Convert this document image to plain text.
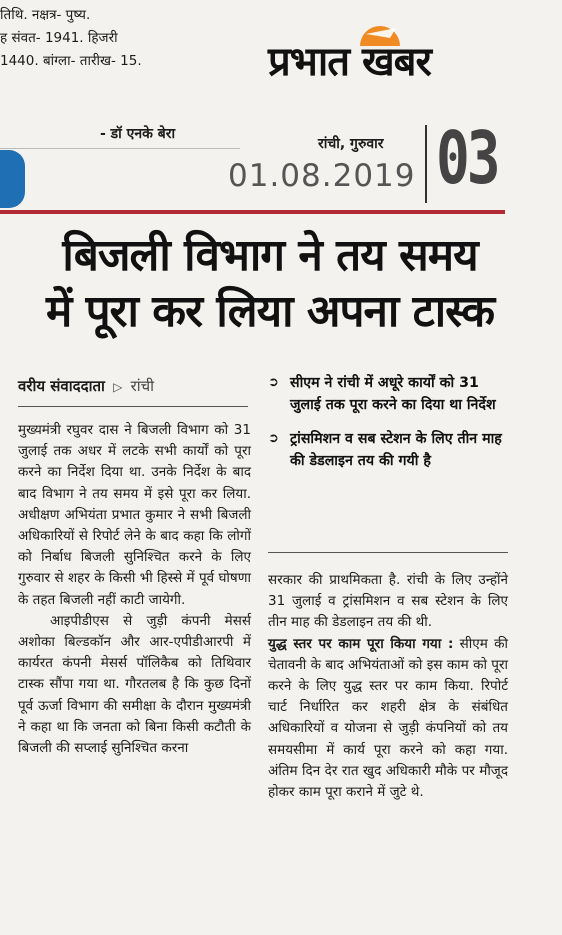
तिथि. नक्षत्र- पुष्य.
ह संवत- 1941. हिजरी
1440. बांग्ला- तारीख- 15.	प्रभात खबर
- डॉ एनके बेरा
रांची, गुरुवार
01.08.2019 03
बिजली विभाग ने तय समय
में पूरा कर लिया अपना टास्क
वरीय संवाददाता ▷ रांची

मुख्यमंत्री रघुवर दास ने बिजली विभाग को 31 जुलाई तक अधर में लटके सभी कार्यों को पूरा करने का निर्देश दिया था. उनके निर्देश के बाद बाद विभाग ने तय समय में इसे पूरा कर लिया. अधीक्षण अभियंता प्रभात कुमार ने सभी बिजली अधिकारियों से रिपोर्ट लेने के बाद कहा कि लोगों को निर्बाध बिजली सुनिश्चित करने के लिए गुरुवार से शहर के किसी भी हिस्से में पूर्व घोषणा के तहत बिजली नहीं काटी जायेगी.

आइपीडीएस से जुड़ी कंपनी मेसर्स अशोका बिल्डकॉन और आर-एपीडीआरपी में कार्यरत कंपनी मेसर्स पॉलिकैब को तिथिवार टास्क सौंपा गया था. गौरतलब है कि कुछ दिनों पूर्व ऊर्जा विभाग की समीक्षा के दौरान मुख्यमंत्री ने कहा था कि जनता को बिना किसी कटौती के बिजली की सप्लाई सुनिश्चित करना

➲ सीएम ने रांची में अधूरे कार्यों को 31 जुलाई तक पूरा करने का दिया था निर्देश
➲ ट्रांसमिशन व सब स्टेशन के लिए तीन माह की डेडलाइन तय की गयी है

सरकार की प्राथमिकता है. रांची के लिए उन्होंने 31 जुलाई व ट्रांसमिशन व सब स्टेशन के लिए तीन माह की डेडलाइन तय की थी.

युद्ध स्तर पर काम पूरा किया गया : सीएम की चेतावनी के बाद अभियंताओं को इस काम को पूरा करने के लिए युद्ध स्तर पर काम किया. रिपोर्ट चार्ट निर्धारित कर शहरी क्षेत्र के संबंधित अधिकारियों व योजना से जुड़ी कंपनियों को तय समयसीमा में कार्य पूरा करने को कहा गया. अंतिम दिन देर रात खुद अधिकारी मौके पर मौजूद होकर काम पूरा कराने में जुटे थे.
